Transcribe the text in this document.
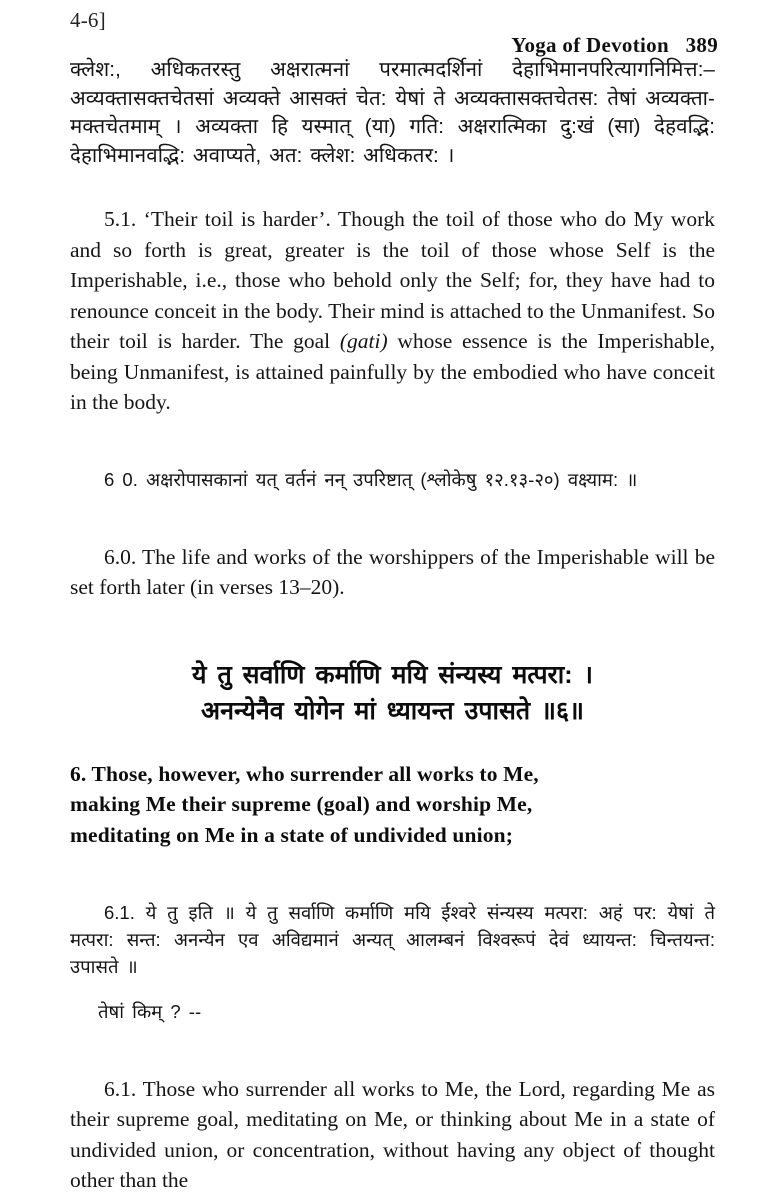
4-6]

Yoga of Devotion 389

क्लेश:, अधिकतरस्तु अक्षरात्मनां परमात्मदर्शिनां देहाभिमानपरित्यागनिमित्त:– अव्यक्तासक्तचेतसां अव्यक्ते आसक्तं चेत: येषां ते अव्यक्तासक्तचेतस: तेषां अव्यक्ता-मक्तचेतमाम् । अव्यक्ता हि यस्मात् (या) गति: अक्षरात्मिका दु:खं (सा) देहवद्भि: देहाभिमानवद्भि: अवाप्यते, अत: क्लेश: अधिकतर: ।

5.1. ‘Their toil is harder’. Though the toil of those who do My work and so forth is great, greater is the toil of those whose Self is the Imperishable, i.e., those who behold only the Self; for, they have had to renounce conceit in the body. Their mind is attached to the Unmanifest. So their toil is harder. The goal (gati) whose essence is the Imperishable, being Unmanifest, is attained painfully by the embodied who have conceit in the body.

6 0. अक्षरोपासकानां यत् वर्तनं नन् उपरिष्टात् (श्लोकेषु १२.१३-२०) वक्ष्याम: ॥

6.0. The life and works of the worshippers of the Imperishable will be set forth later (in verses 13–20).

ये तु सर्वाणि कर्माणि मयि संन्यस्य मत्परा: ।
अनन्येनैव योगेन मां ध्यायन्त उपासते ॥६॥
6. Those, however, who surrender all works to Me,
making Me their supreme (goal) and worship Me,
meditating on Me in a state of undivided union;

6.1. ये तु इति ॥ ये तु सर्वाणि कर्माणि मयि ईश्वरे संन्यस्य मत्परा: अहं पर: येषां ते मत्परा: सन्त: अनन्येन एव अविद्यमानं अन्यत् आलम्बनं विश्वरूपं देवं ध्यायन्त: चिन्तयन्त: उपासते ॥

तेषां किम् ? --

6.1. Those who surrender all works to Me, the Lord, regarding Me as their supreme goal, meditating on Me, or thinking about Me in a state of undivided union, or concentration, without having any object of thought other than the
